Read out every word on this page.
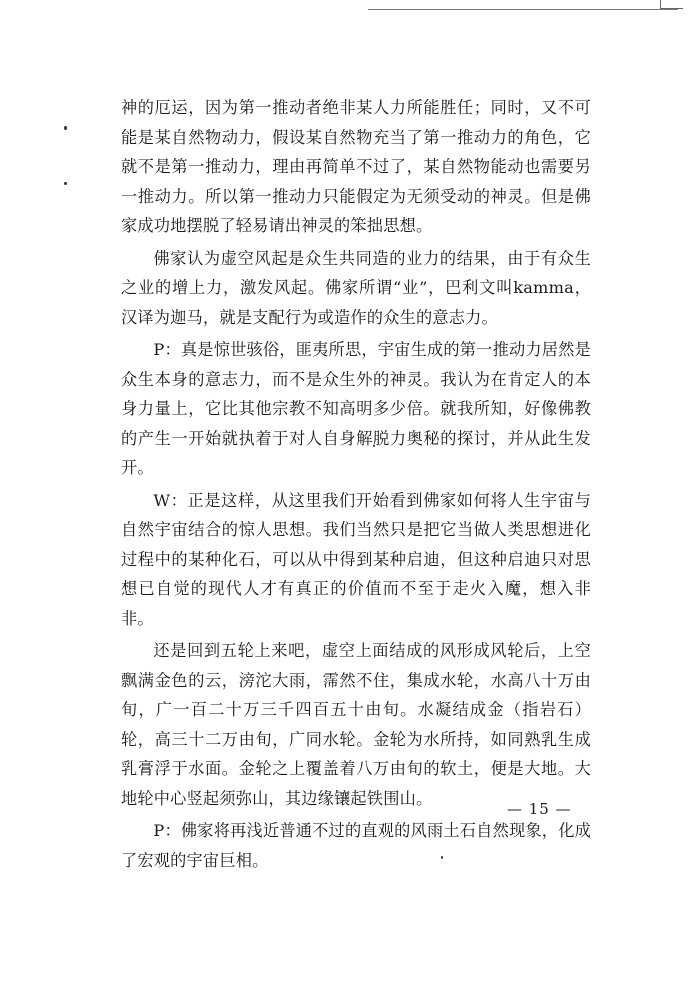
神的厄运，因为第一推动者绝非某人力所能胜任；同时，又不可能是某自然物动力，假设某自然物充当了第一推动力的角色，它就不是第一推动力，理由再简单不过了，某自然物能动也需要另一推动力。所以第一推动力只能假定为无须受动的神灵。但是佛家成功地摆脱了轻易请出神灵的笨拙思想。

佛家认为虚空风起是众生共同造的业力的结果，由于有众生之业的增上力，激发风起。佛家所谓“业”，巴利文叫kamma，汉译为迦马，就是支配行为或造作的众生的意志力。

P：真是惊世骇俗，匪夷所思，宇宙生成的第一推动力居然是众生本身的意志力，而不是众生外的神灵。我认为在肯定人的本身力量上，它比其他宗教不知高明多少倍。就我所知，好像佛教的产生一开始就执着于对人自身解脱力奥秘的探讨，并从此生发开。

W：正是这样，从这里我们开始看到佛家如何将人生宇宙与自然宇宙结合的惊人思想。我们当然只是把它当做人类思想进化过程中的某种化石，可以从中得到某种启迪，但这种启迪只对思想已自觉的现代人才有真正的价值而不至于走火入魔，想入非非。

还是回到五轮上来吧，虚空上面结成的风形成风轮后，上空飘满金色的云，滂沱大雨，霈然不住，集成水轮，水高八十万由旬，广一百二十万三千四百五十由旬。水凝结成金（指岩石）轮，高三十二万由旬，广同水轮。金轮为水所持，如同熟乳生成乳膏浮于水面。金轮之上覆盖着八万由旬的软土，便是大地。大地轮中心竖起须弥山，其边缘镶起铁围山。

P：佛家将再浅近普通不过的直观的风雨土石自然现象，化成了宏观的宇宙巨相。

— 15 —
